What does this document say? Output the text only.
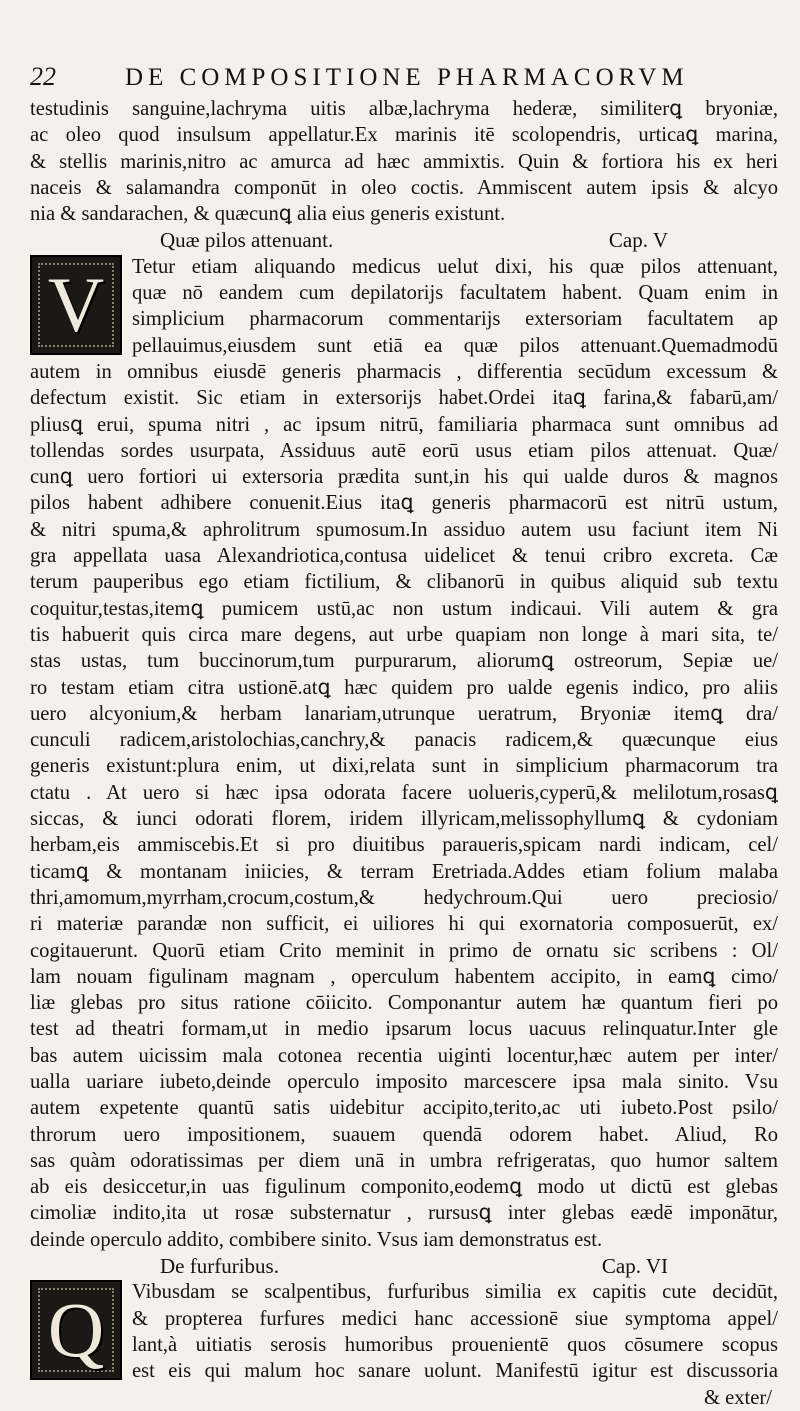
22	DE COMPOSITIONE PHARMACORVM
testudinis sanguine,lachryma uitis albæ,lachryma hederæ, similiterꝗ bryoniæ,
ac oleo quod insulsum appellatur.Ex marinis itē scolopendris, urticaꝗ marina,
& stellis marinis,nitro ac amurca ad hæc ammixtis. Quin & fortiora his ex heri
naceis & salamandra componūt in oleo coctis. Ammiscent autem ipsis & alcyo
nia & sandarachen, & quæcunꝗ alia eius generis existunt.
Quæ pilos attenuant.	Cap. V
V	Tetur etiam aliquando medicus uelut dixi, his quæ pilos attenuant,
quæ nō eandem cum depilatorijs facultatem habent. Quam enim in
simplicium pharmacorum commentarijs extersoriam facultatem ap
pellauimus,eiusdem sunt etiā ea quæ pilos attenuant.Quemadmodū
autem in omnibus eiusdē generis pharmacis , differentia secūdum excessum &
defectum existit. Sic etiam in extersorijs habet.Ordei itaꝗ farina,& fabarū,am/
pliusꝗ erui, spuma nitri , ac ipsum nitrū, familiaria pharmaca sunt omnibus ad
tollendas sordes usurpata, Assiduus autē eorū usus etiam pilos attenuat. Quæ/
cunꝗ uero fortiori ui extersoria prædita sunt,in his qui ualde duros & magnos
pilos habent adhibere conuenit.Eius itaꝗ generis pharmacorū est nitrū ustum,
& nitri spuma,& aphrolitrum spumosum.In assiduo autem usu faciunt item Ni
gra appellata uasa Alexandriotica,contusa uidelicet & tenui cribro excreta. Cæ
terum pauperibus ego etiam fictilium, & clibanorū in quibus aliquid sub textu
coquitur,testas,itemꝗ pumicem ustū,ac non ustum indicaui. Vili autem & gra
tis habuerit quis circa mare degens, aut urbe quapiam non longe à mari sita, te/
stas ustas, tum buccinorum,tum purpurarum, aliorumꝗ ostreorum, Sepiæ ue/
ro testam etiam citra ustionē.atꝗ hæc quidem pro ualde egenis indico, pro aliis
uero alcyonium,& herbam lanariam,utrunque ueratrum, Bryoniæ itemꝗ dra/
cunculi radicem,aristolochias,canchry,& panacis radicem,& quæcunque eius
generis existunt:plura enim, ut dixi,relata sunt in simplicium pharmacorum tra
ctatu . At uero si hæc ipsa odorata facere uolueris,cyperū,& melilotum,rosasꝗ
siccas, & iunci odorati florem, iridem illyricam,melissophyllumꝗ & cydoniam
herbam,eis ammiscebis.Et si pro diuitibus paraueris,spicam nardi indicam, cel/
ticamꝗ & montanam iniicies, & terram Eretriada.Addes etiam folium malaba
thri,amomum,myrrham,crocum,costum,& hedychroum.Qui uero preciosio/
ri materiæ parandæ non sufficit, ei uiliores hi qui exornatoria composuerūt, ex/
cogitauerunt. Quorū etiam Crito meminit in primo de ornatu sic scribens : Ol/
lam nouam figulinam magnam , operculum habentem accipito, in eamꝗ cimo/
liæ glebas pro situs ratione cōiicito. Componantur autem hæ quantum fieri po
test ad theatri formam,ut in medio ipsarum locus uacuus relinquatur.Inter gle
bas autem uicissim mala cotonea recentia uiginti locentur,hæc autem per inter/
ualla uariare iubeto,deinde operculo imposito marcescere ipsa mala sinito. Vsu
autem expetente quantū satis uidebitur accipito,terito,ac uti iubeto.Post psilo/
throrum uero impositionem, suauem quendā odorem habet. Aliud, Ro
sas quàm odoratissimas per diem unā in umbra refrigeratas, quo humor saltem
ab eis desiccetur,in uas figulinum componito,eodemꝗ modo ut dictū est glebas
cimoliæ indito,ita ut rosæ substernatur , rursusꝗ inter glebas eædē imponātur,
deinde operculo addito, combibere sinito. Vsus iam demonstratus est.
De furfuribus.	Cap. VI
Q	Vibusdam se scalpentibus, furfuribus similia ex capitis cute decidūt,
& propterea furfures medici hanc accessionē siue symptoma appel/
lant,à uitiatis serosis humoribus prouenientē quos cōsumere scopus
est eis qui malum hoc sanare uolunt. Manifestū igitur est discussoria
& exter/
